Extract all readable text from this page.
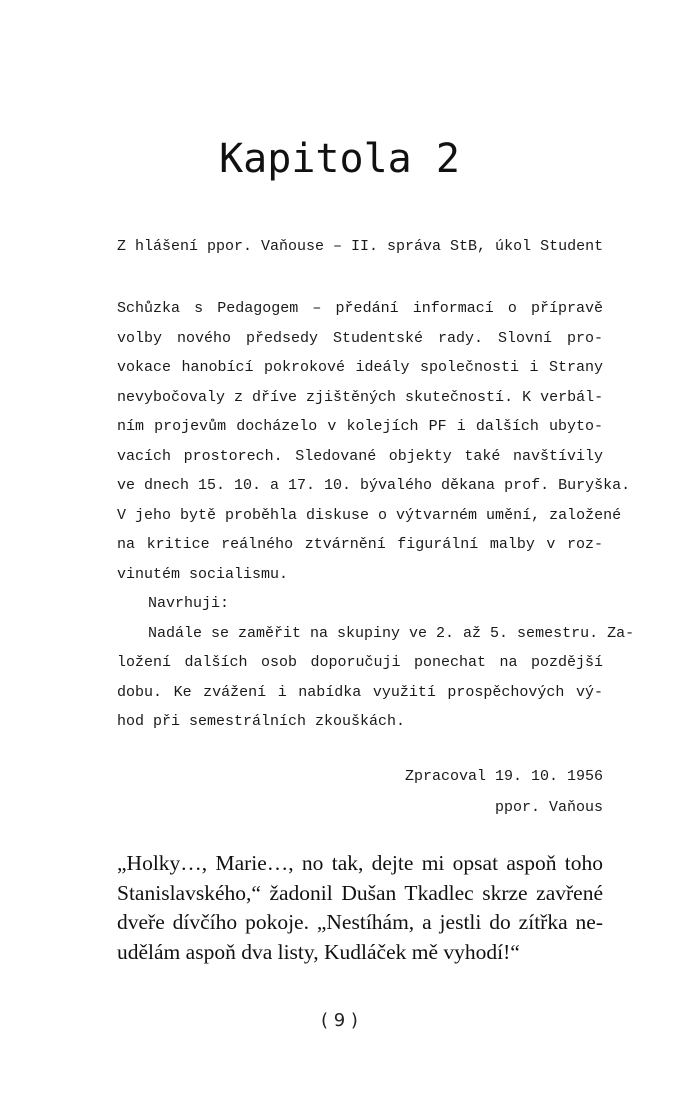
Kapitola 2
Z hlášení ppor. Vaňouse – II. správa StB, úkol Student
Schůzka s Pedagogem – předání informací o přípravě
volby nového předsedy Studentské rady. Slovní pro-
vokace hanobící pokrokové ideály společnosti i Strany
nevybočovaly z dříve zjištěných skutečností. K verbál-
ním projevům docházelo v kolejích PF i dalších ubyto-
vacích prostorech. Sledované objekty také navštívily
ve dnech 15. 10. a 17. 10. bývalého děkana prof. Buryška.
V jeho bytě proběhla diskuse o výtvarném umění, založené
na kritice reálného ztvárnění figurální malby v roz-
vinutém socialismu.
Navrhuji:
Nadále se zaměřit na skupiny ve 2. až 5. semestru. Za-
ložení dalších osob doporučuji ponechat na pozdější
dobu. Ke zvážení i nabídka využití prospěchových vý-
hod při semestrálních zkouškách.
Zpracoval 19. 10. 1956
ppor. Vaňous
„Holky…, Marie…, no tak, dejte mi opsat aspoň toho
Stanislavského,“ žadonil Dušan Tkadlec skrze zavřené
dveře dívčího pokoje. „Nestíhám, a jestli do zítřka ne-
udělám aspoň dva listy, Kudláček mě vyhodí!“
( 9 )
